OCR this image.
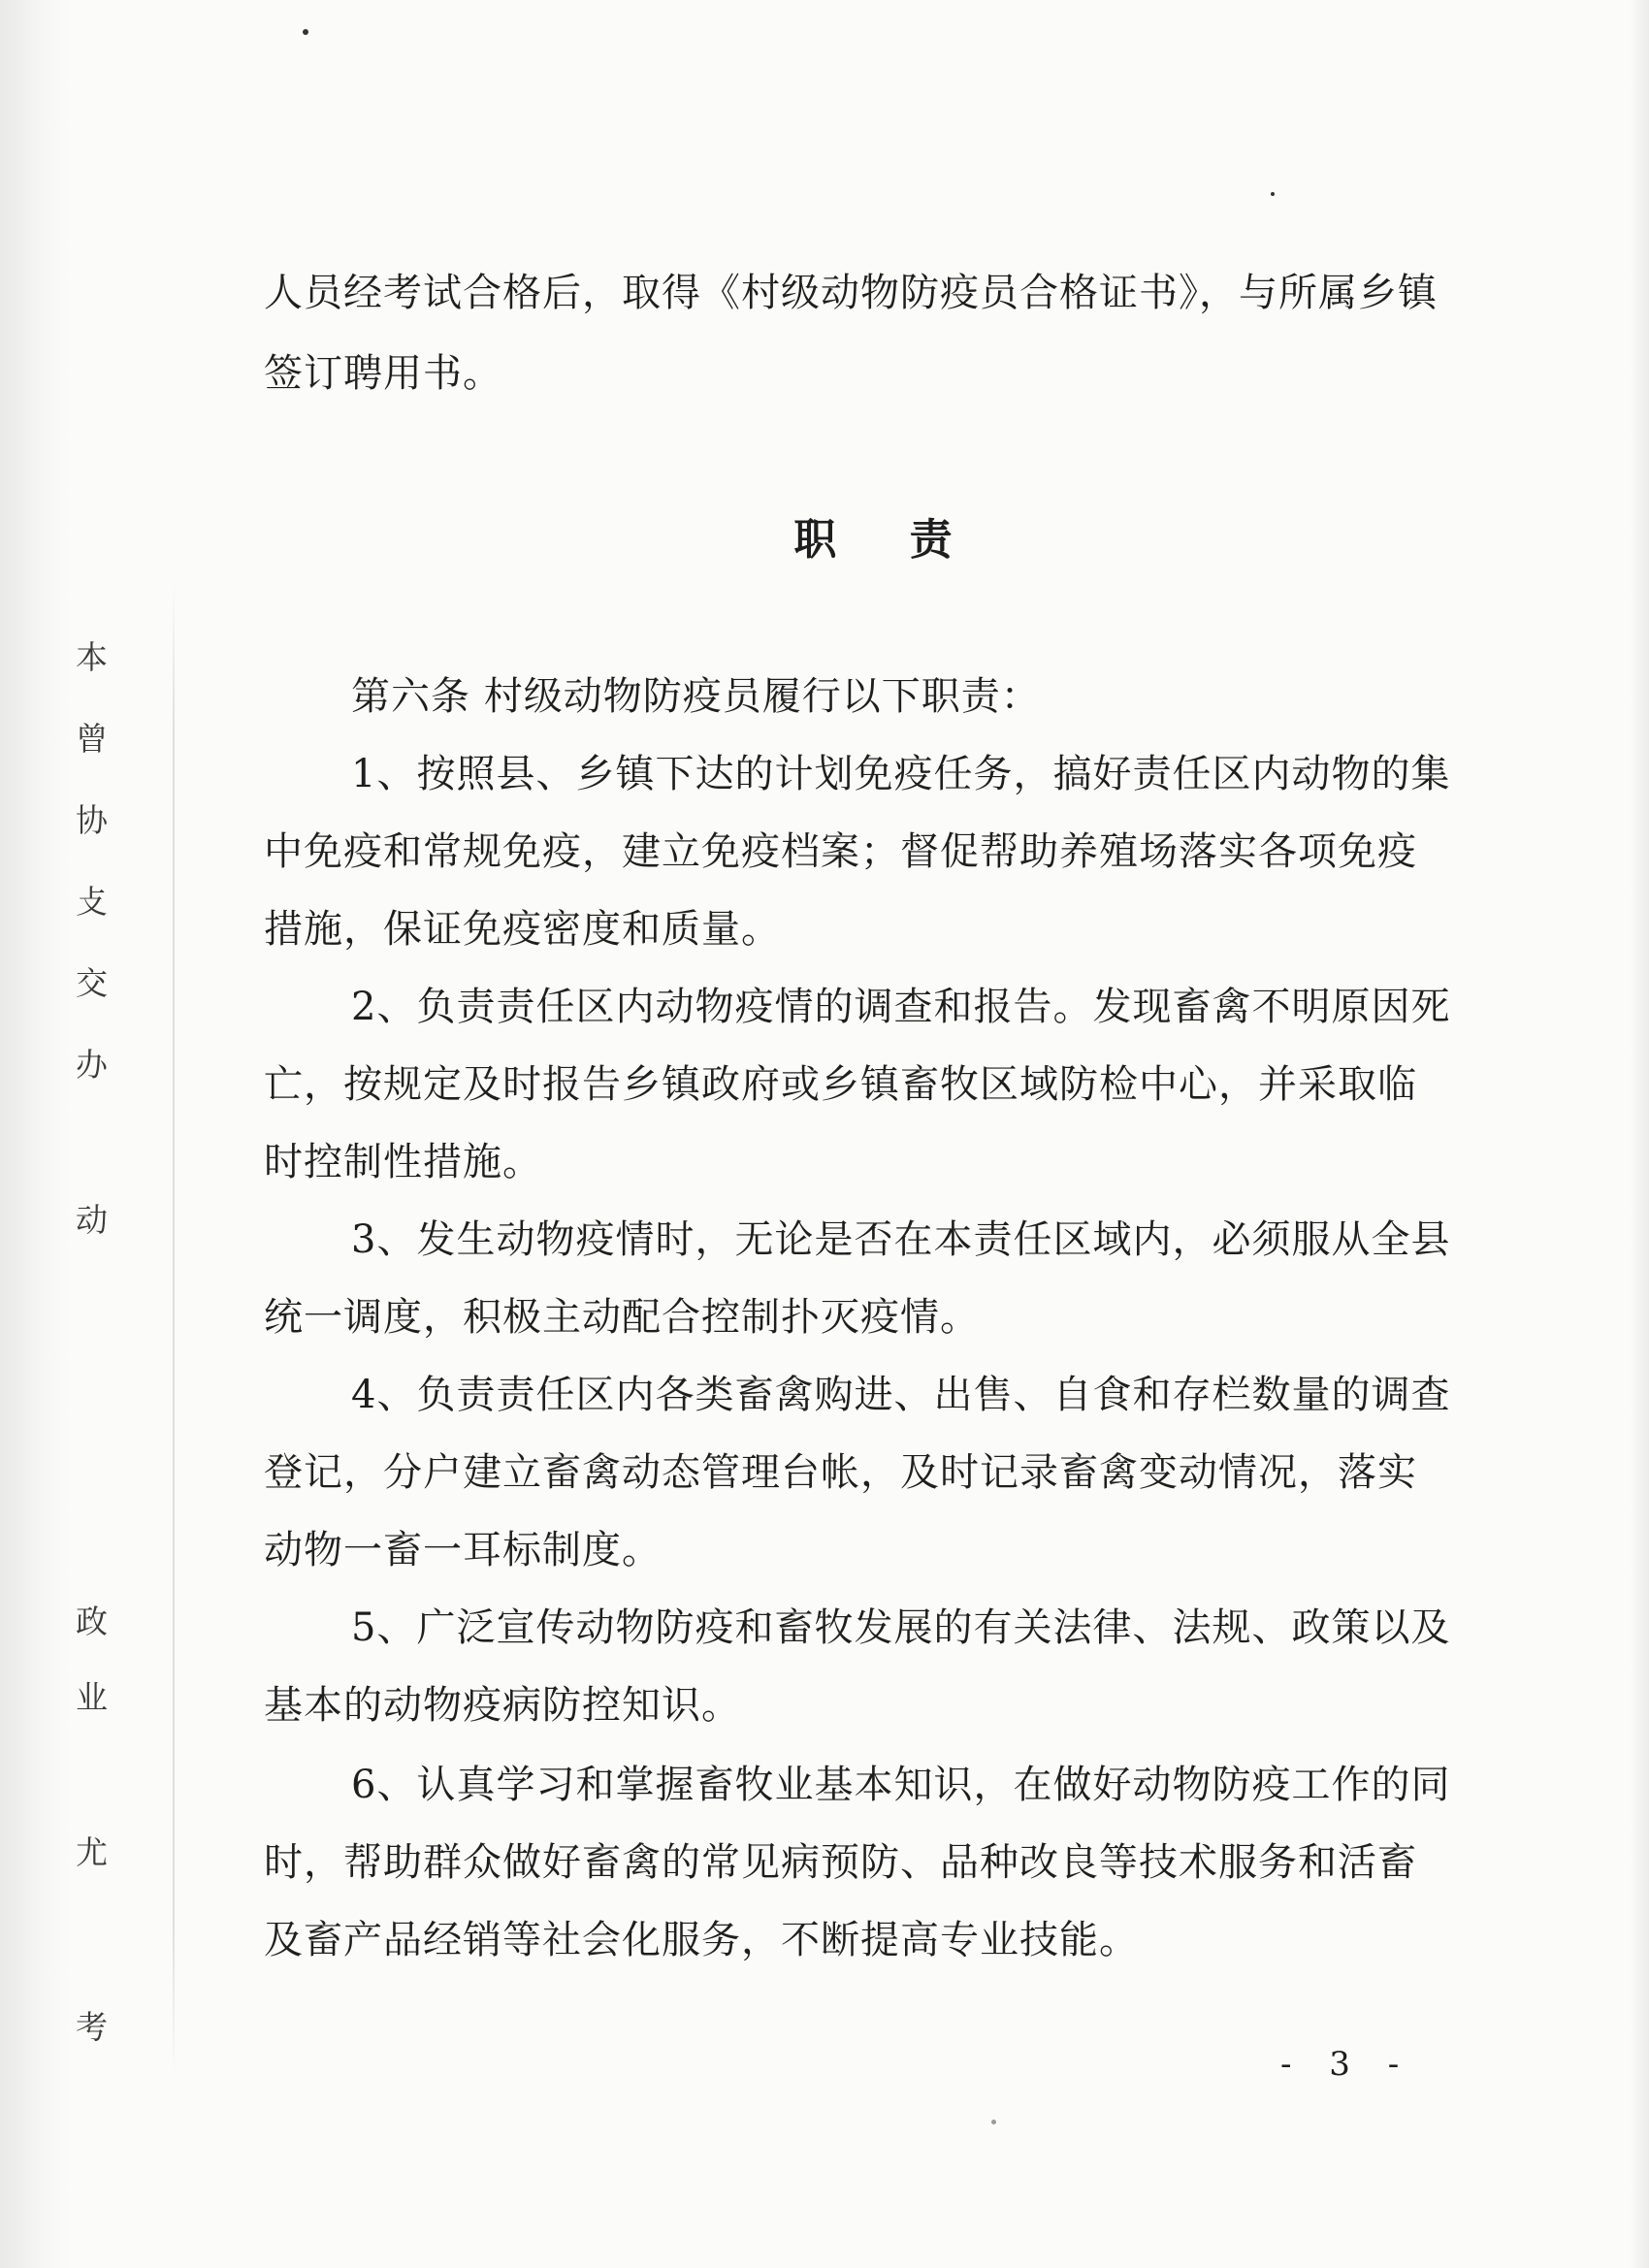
本
曾
协
攴
交
办
动
政
业
尤
考
人员经考试合格后，取得《村级动物防疫员合格证书》，与所属乡镇
签订聘用书。
职 责
第六条 村级动物防疫员履行以下职责：
1、按照县、乡镇下达的计划免疫任务，搞好责任区内动物的集
中免疫和常规免疫，建立免疫档案；督促帮助养殖场落实各项免疫
措施，保证免疫密度和质量。
2、负责责任区内动物疫情的调查和报告。发现畜禽不明原因死
亡，按规定及时报告乡镇政府或乡镇畜牧区域防检中心，并采取临
时控制性措施。
3、发生动物疫情时，无论是否在本责任区域内，必须服从全县
统一调度，积极主动配合控制扑灭疫情。
4、负责责任区内各类畜禽购进、出售、自食和存栏数量的调查
登记，分户建立畜禽动态管理台帐，及时记录畜禽变动情况，落实
动物一畜一耳标制度。
5、广泛宣传动物防疫和畜牧发展的有关法律、法规、政策以及
基本的动物疫病防控知识。
6、认真学习和掌握畜牧业基本知识，在做好动物防疫工作的同
时，帮助群众做好畜禽的常见病预防、品种改良等技术服务和活畜
及畜产品经销等社会化服务，不断提高专业技能。
- 3 -
